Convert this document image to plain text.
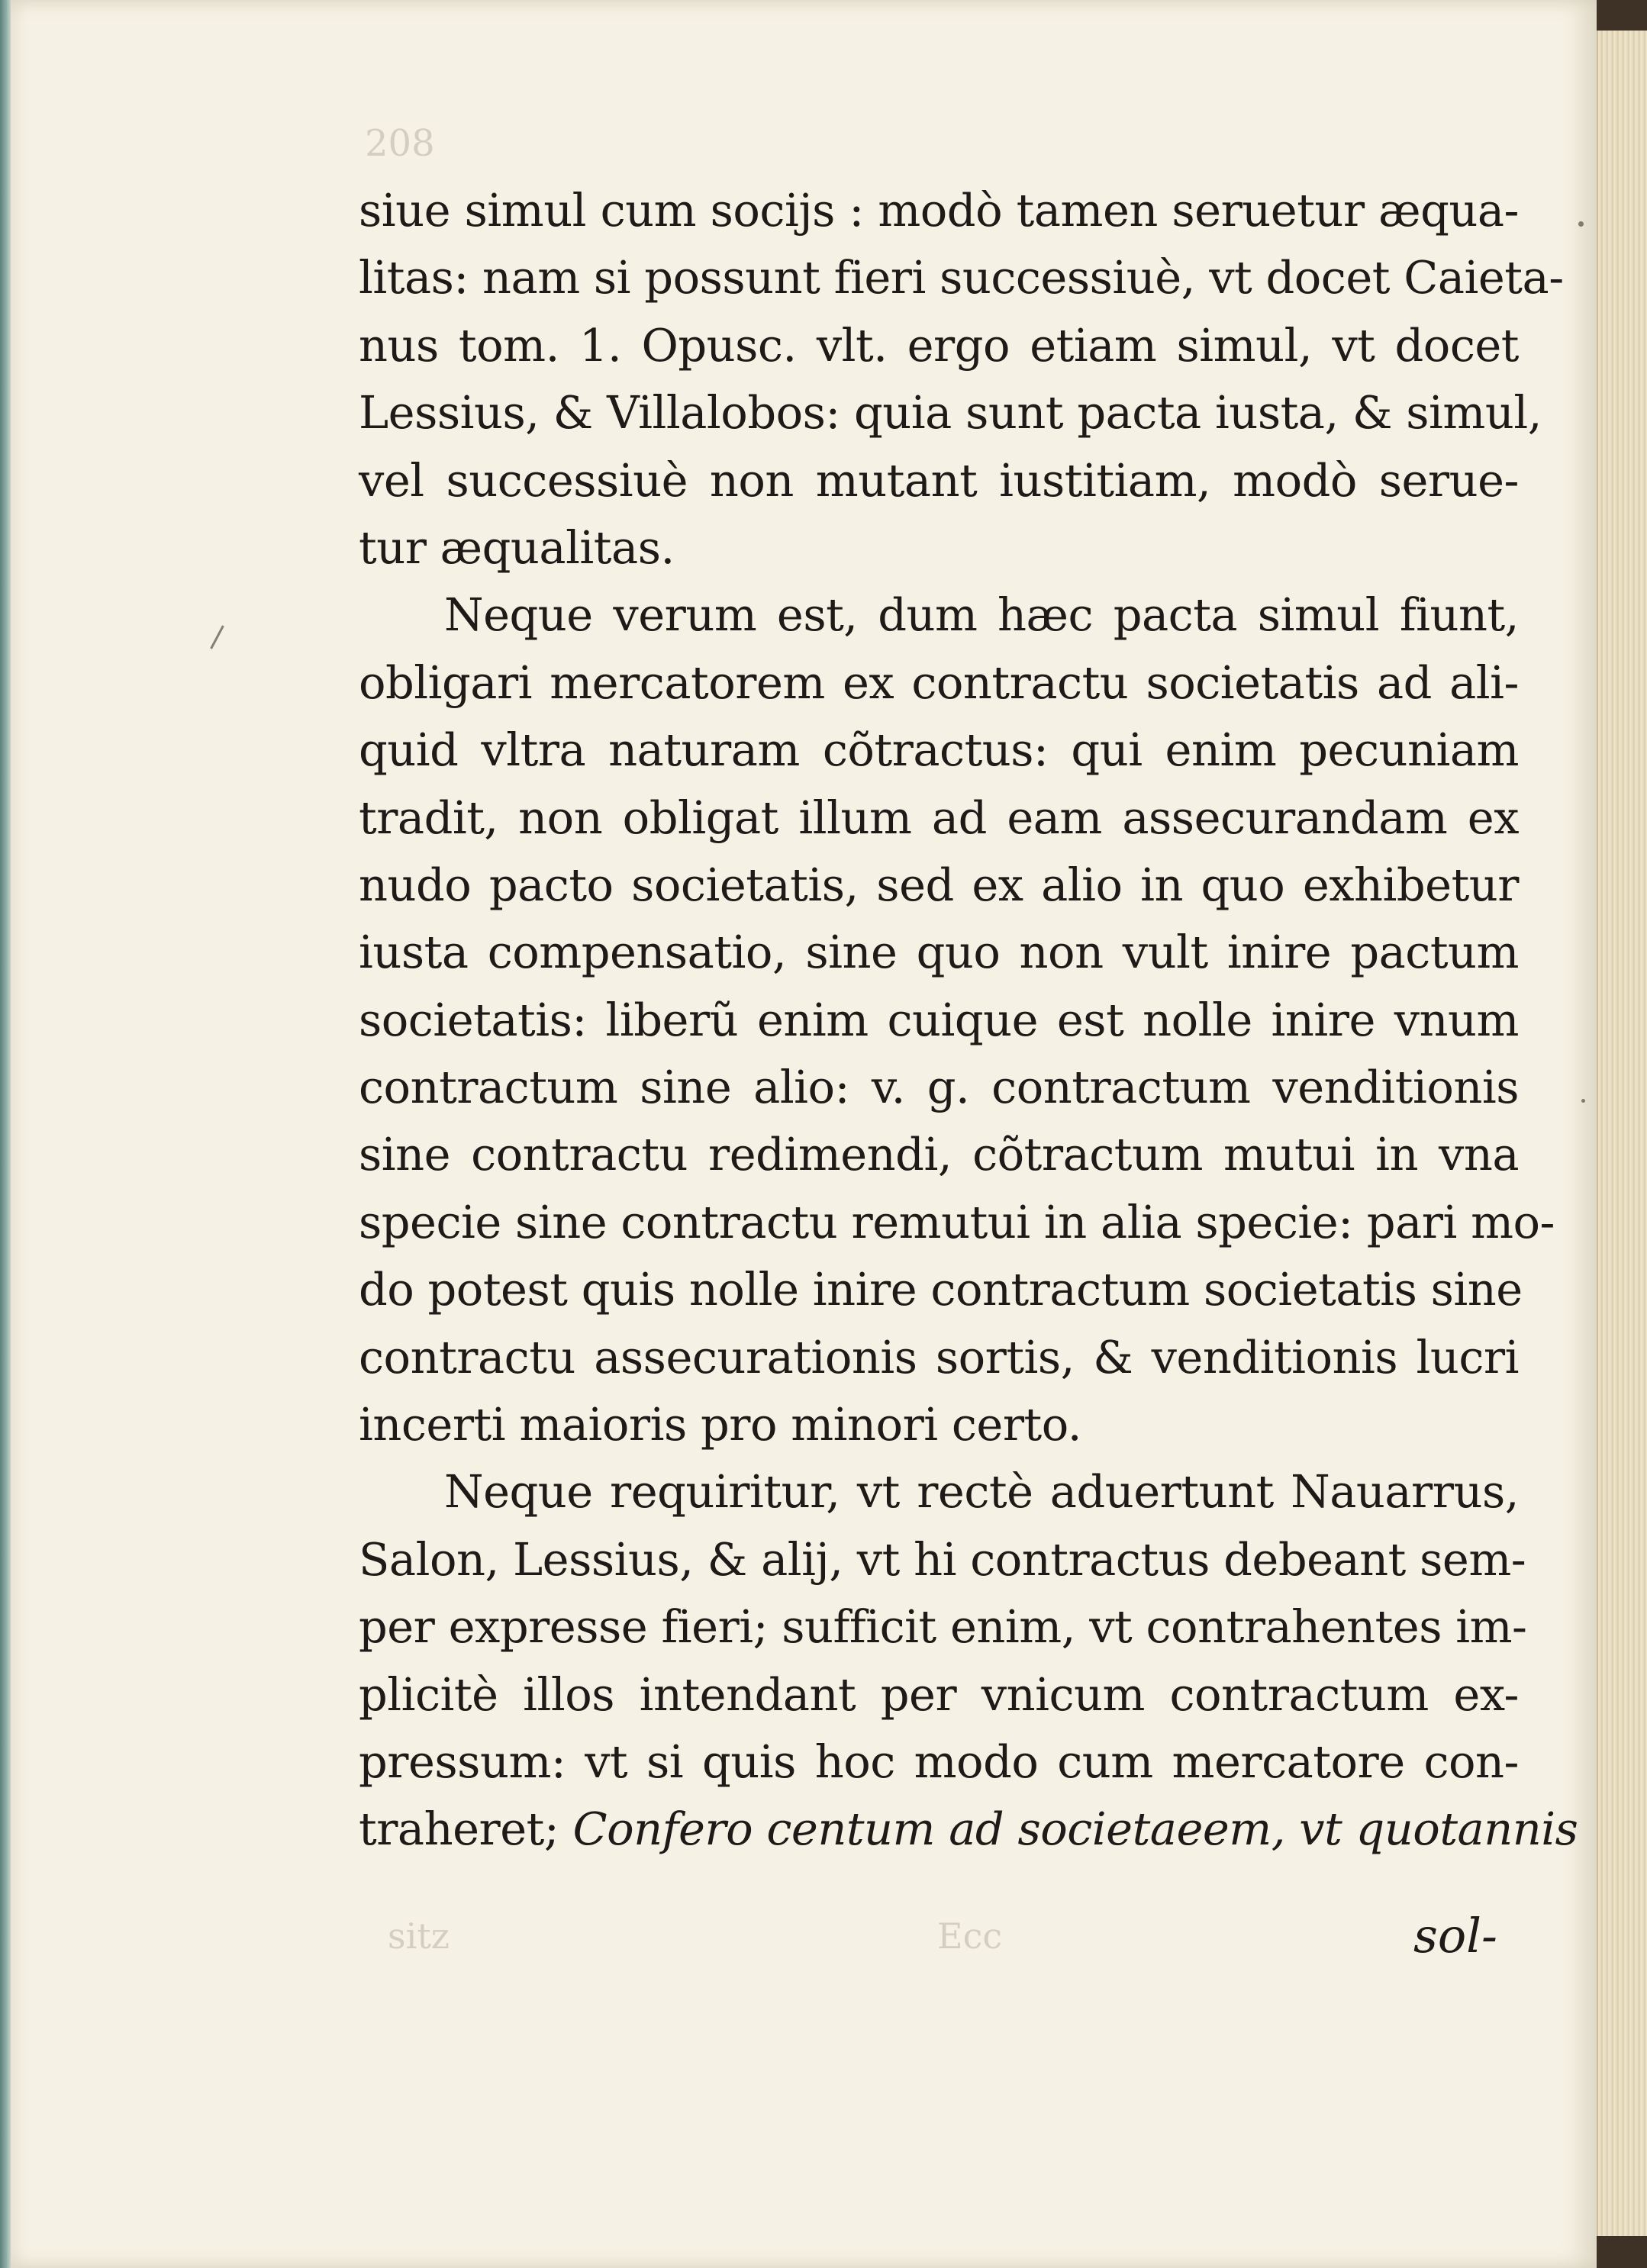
208
sitz	Ecc
siue simul cum socijs : modò tamen seruetur æqua-
litas: nam si possunt fieri successiuè, vt docet Caieta-
nus tom. 1. Opusc. vlt. ergo etiam simul, vt docet
Lessius, & Villalobos: quia sunt pacta iusta, & simul,
vel successiuè non mutant iustitiam, modò serue-
tur æqualitas.
Neque verum est, dum hæc pacta simul fiunt,
obligari mercatorem ex contractu societatis ad ali-
quid vltra naturam cõtractus: qui enim pecuniam
tradit, non obligat illum ad eam assecurandam ex
nudo pacto societatis, sed ex alio in quo exhibetur
iusta compensatio, sine quo non vult inire pactum
societatis: liberũ enim cuique est nolle inire vnum
contractum sine alio: v. g. contractum venditionis
sine contractu redimendi, cõtractum mutui in vna
specie sine contractu remutui in alia specie: pari mo-
do potest quis nolle inire contractum societatis sine
contractu assecurationis sortis, & venditionis lucri
incerti maioris pro minori certo.
Neque requiritur, vt rectè aduertunt Nauarrus,
Salon, Lessius, & alij, vt hi contractus debeant sem-
per expresse fieri; sufficit enim, vt contrahentes im-
plicitè illos intendant per vnicum contractum ex-
pressum: vt si quis hoc modo cum mercatore con-
traheret; Confero centum ad societaeem, vt quotannis
sol-
